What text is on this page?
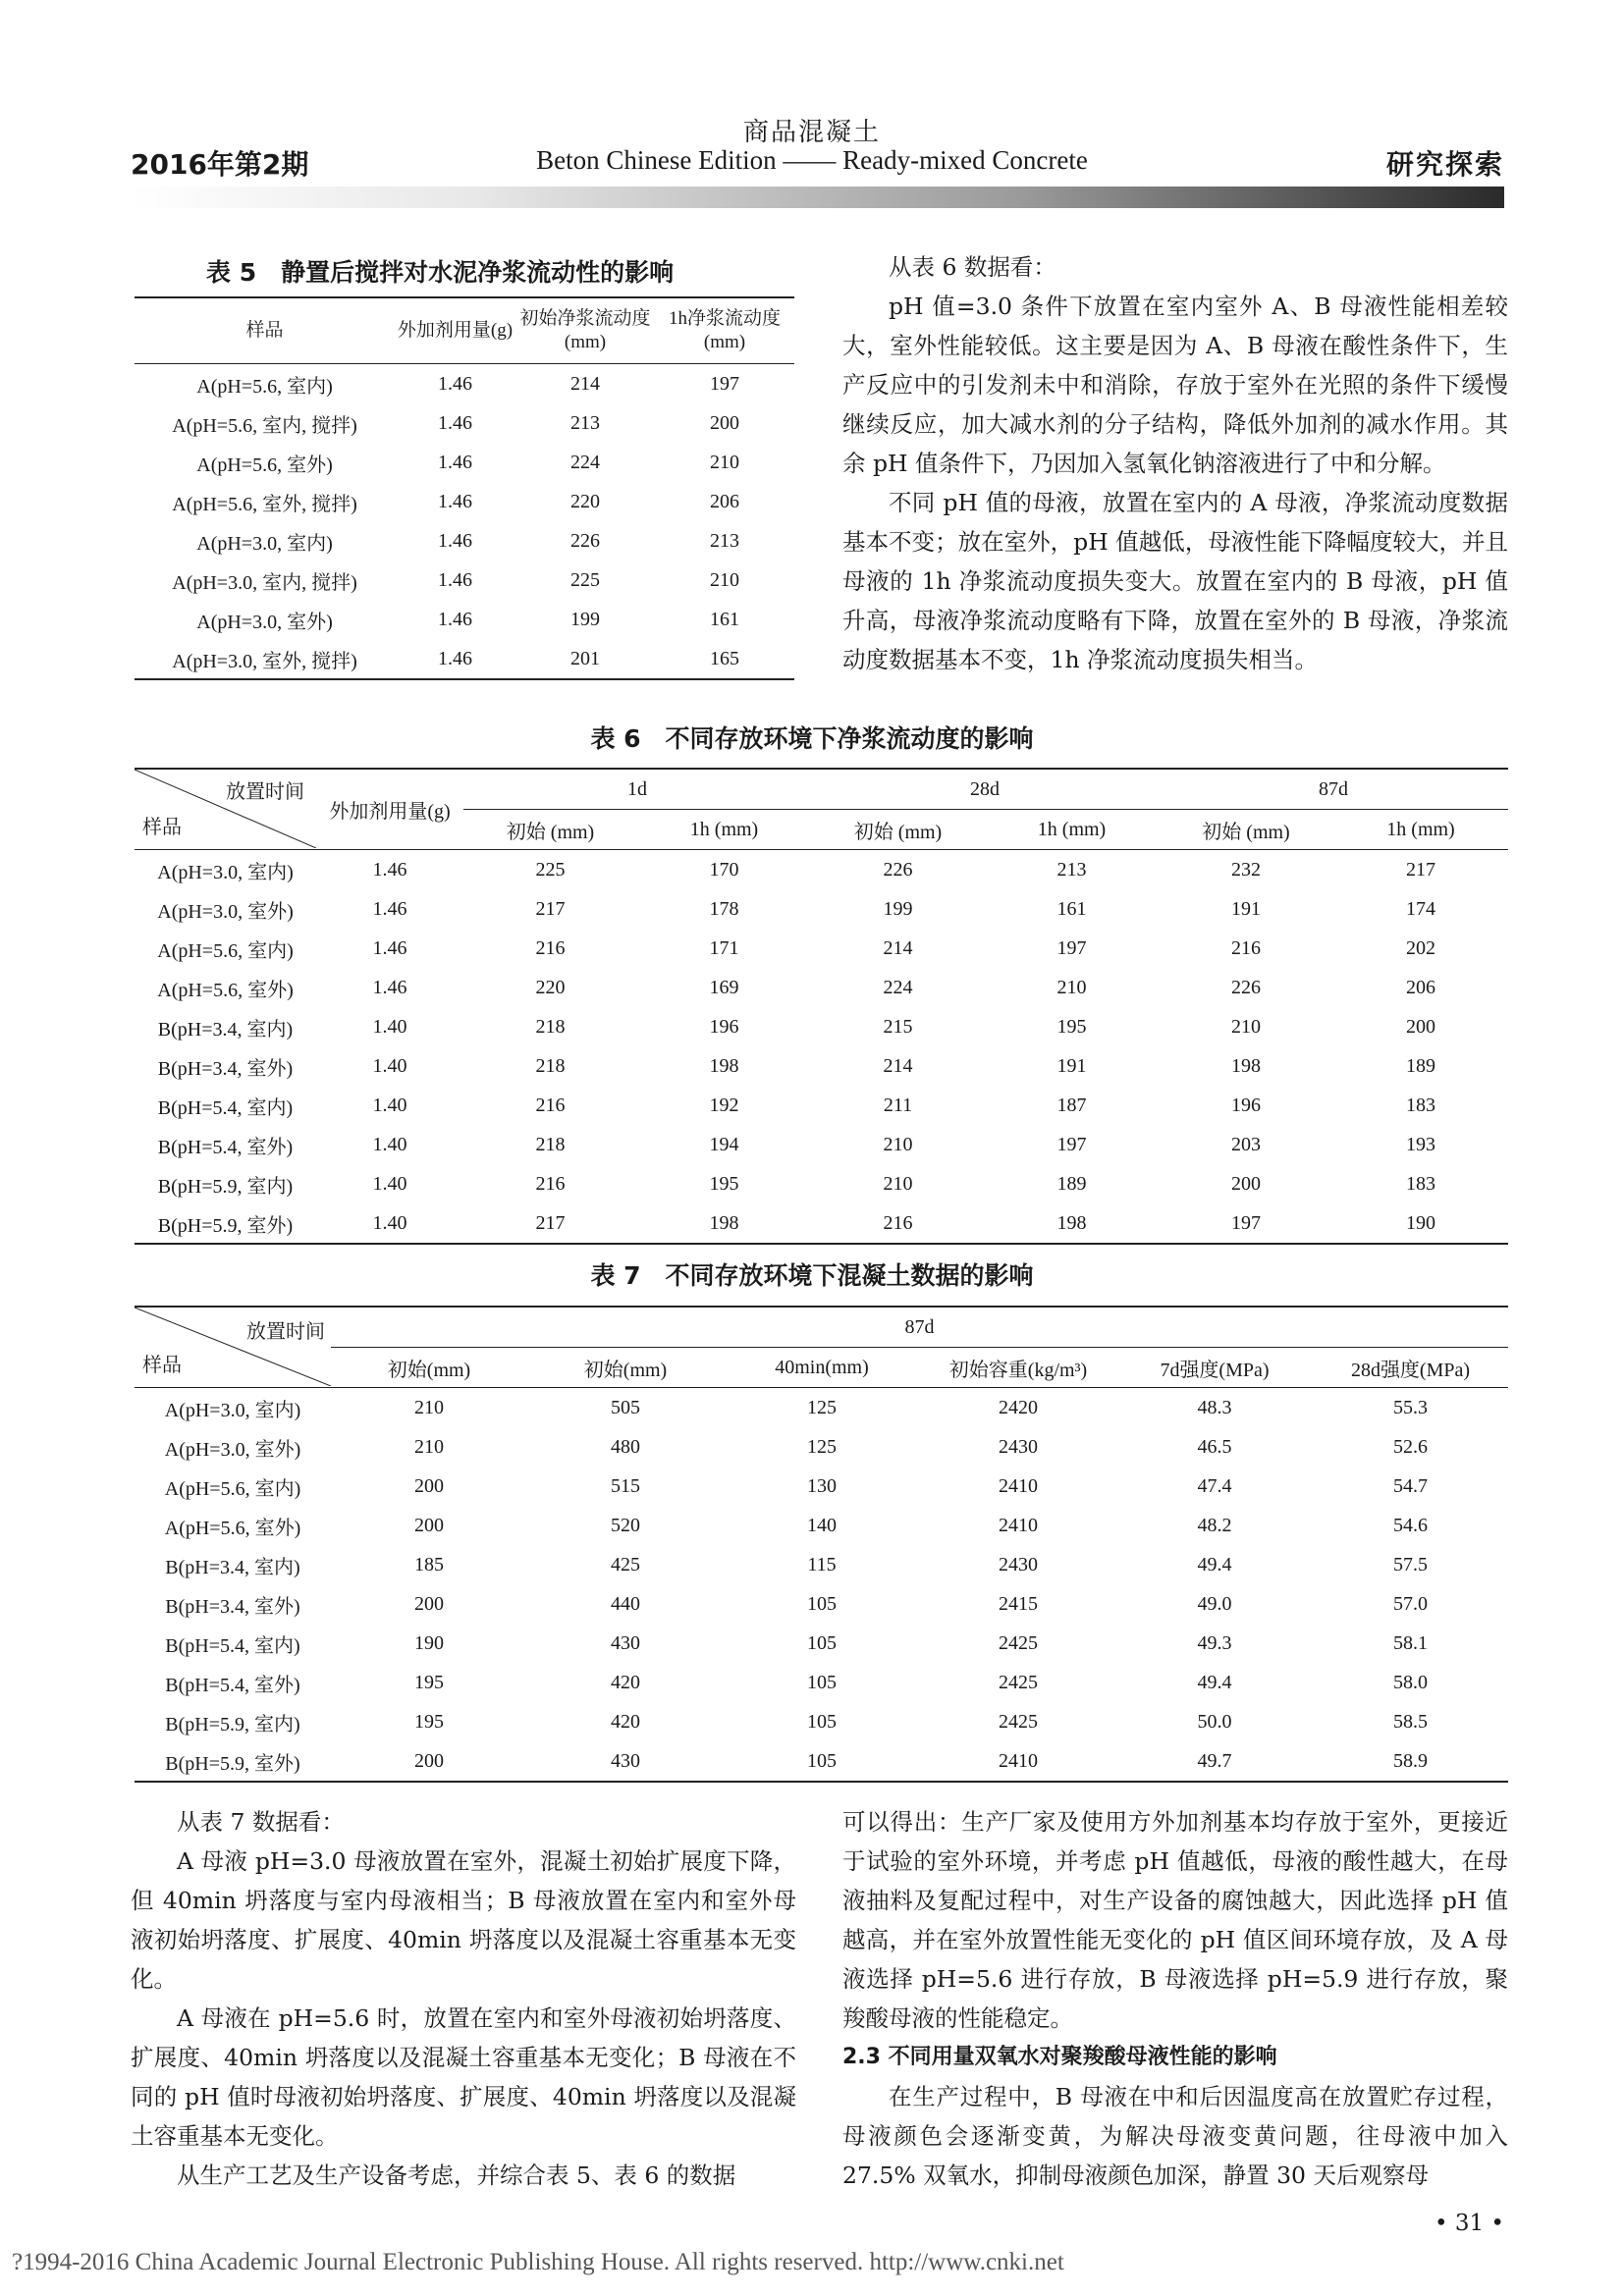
商品混凝土
Beton Chinese Edition —— Ready-mixed Concrete
2016年第2期	研究探索
表 5　静置后搅拌对水泥净浆流动性的影响
样品	外加剂用量(g)	初始净浆流动度(mm)	1h净浆流动度(mm)
A(pH=5.6, 室内)	1.46	214	197
A(pH=5.6, 室内, 搅拌)	1.46	213	200
A(pH=5.6, 室外)	1.46	224	210
A(pH=5.6, 室外, 搅拌)	1.46	220	206
A(pH=3.0, 室内)	1.46	226	213
A(pH=3.0, 室内, 搅拌)	1.46	225	210
A(pH=3.0, 室外)	1.46	199	161
A(pH=3.0, 室外, 搅拌)	1.46	201	165

从表 6 数据看：

pH 值=3.0 条件下放置在室内室外 A、B 母液性能相差较大，室外性能较低。这主要是因为 A、B 母液在酸性条件下，生产反应中的引发剂未中和消除，存放于室外在光照的条件下缓慢继续反应，加大减水剂的分子结构，降低外加剂的减水作用。其余 pH 值条件下，乃因加入氢氧化钠溶液进行了中和分解。

不同 pH 值的母液，放置在室内的 A 母液，净浆流动度数据基本不变；放在室外，pH 值越低，母液性能下降幅度较大，并且母液的 1h 净浆流动度损失变大。放置在室内的 B 母液，pH 值升高，母液净浆流动度略有下降，放置在室外的 B 母液，净浆流动度数据基本不变，1h 净浆流动度损失相当。

表 6　不同存放环境下净浆流动度的影响
放置时间
样品	外加剂用量(g)	1d		28d		87d	
		初始 (mm)	1h (mm)	初始 (mm)	1h (mm)	初始 (mm)	1h (mm)
A(pH=3.0, 室内)	1.46	225	170	226	213	232	217
A(pH=3.0, 室外)	1.46	217	178	199	161	191	174
A(pH=5.6, 室内)	1.46	216	171	214	197	216	202
A(pH=5.6, 室外)	1.46	220	169	224	210	226	206
B(pH=3.4, 室内)	1.40	218	196	215	195	210	200
B(pH=3.4, 室外)	1.40	218	198	214	191	198	189
B(pH=5.4, 室内)	1.40	216	192	211	187	196	183
B(pH=5.4, 室外)	1.40	218	194	210	197	203	193
B(pH=5.9, 室内)	1.40	216	195	210	189	200	183
B(pH=5.9, 室外)	1.40	217	198	216	198	197	190
表 7　不同存放环境下混凝土数据的影响
放置时间
样品	87d					
	初始(mm)	初始(mm)	40min(mm)	初始容重(kg/m³)	7d强度(MPa)	28d强度(MPa)
A(pH=3.0, 室内)	210	505	125	2420	48.3	55.3
A(pH=3.0, 室外)	210	480	125	2430	46.5	52.6
A(pH=5.6, 室内)	200	515	130	2410	47.4	54.7
A(pH=5.6, 室外)	200	520	140	2410	48.2	54.6
B(pH=3.4, 室内)	185	425	115	2430	49.4	57.5
B(pH=3.4, 室外)	200	440	105	2415	49.0	57.0
B(pH=5.4, 室内)	190	430	105	2425	49.3	58.1
B(pH=5.4, 室外)	195	420	105	2425	49.4	58.0
B(pH=5.9, 室内)	195	420	105	2425	50.0	58.5
B(pH=5.9, 室外)	200	430	105	2410	49.7	58.9

从表 7 数据看：

A 母液 pH=3.0 母液放置在室外，混凝土初始扩展度下降，但 40min 坍落度与室内母液相当；B 母液放置在室内和室外母液初始坍落度、扩展度、40min 坍落度以及混凝土容重基本无变化。

A 母液在 pH=5.6 时，放置在室内和室外母液初始坍落度、扩展度、40min 坍落度以及混凝土容重基本无变化；B 母液在不同的 pH 值时母液初始坍落度、扩展度、40min 坍落度以及混凝土容重基本无变化。

从生产工艺及生产设备考虑，并综合表 5、表 6 的数据

可以得出：生产厂家及使用方外加剂基本均存放于室外，更接近于试验的室外环境，并考虑 pH 值越低，母液的酸性越大，在母液抽料及复配过程中，对生产设备的腐蚀越大，因此选择 pH 值越高，并在室外放置性能无变化的 pH 值区间环境存放，及 A 母液选择 pH=5.6 进行存放，B 母液选择 pH=5.9 进行存放，聚羧酸母液的性能稳定。

2.3 不同用量双氧水对聚羧酸母液性能的影响

在生产过程中，B 母液在中和后因温度高在放置贮存过程，母液颜色会逐渐变黄，为解决母液变黄问题，往母液中加入 27.5% 双氧水，抑制母液颜色加深，静置 30 天后观察母

• 31 •
?1994-2016 China Academic Journal Electronic Publishing House. All rights reserved. http://www.cnki.net
